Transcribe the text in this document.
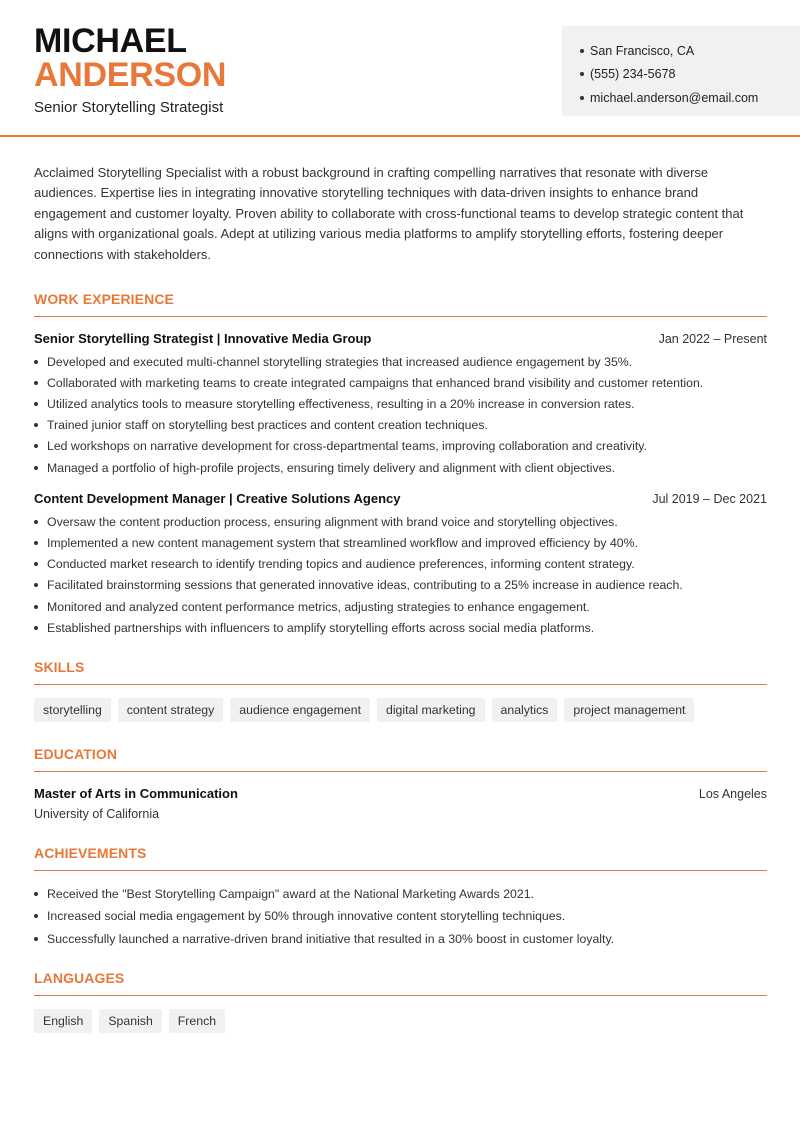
MICHAEL
ANDERSON
Senior Storytelling Strategist
San Francisco, CA
(555) 234-5678
michael.anderson@email.com

Acclaimed Storytelling Specialist with a robust background in crafting compelling narratives that resonate with diverse audiences. Expertise lies in integrating innovative storytelling techniques with data-driven insights to enhance brand engagement and customer loyalty. Proven ability to collaborate with cross-functional teams to develop strategic content that aligns with organizational goals. Adept at utilizing various media platforms to amplify storytelling efforts, fostering deeper connections with stakeholders.

WORK EXPERIENCE
Senior Storytelling Strategist | Innovative Media Group	Jan 2022 – Present
Developed and executed multi-channel storytelling strategies that increased audience engagement by 35%.
Collaborated with marketing teams to create integrated campaigns that enhanced brand visibility and customer retention.
Utilized analytics tools to measure storytelling effectiveness, resulting in a 20% increase in conversion rates.
Trained junior staff on storytelling best practices and content creation techniques.
Led workshops on narrative development for cross-departmental teams, improving collaboration and creativity.
Managed a portfolio of high-profile projects, ensuring timely delivery and alignment with client objectives.
Content Development Manager | Creative Solutions Agency	Jul 2019 – Dec 2021
Oversaw the content production process, ensuring alignment with brand voice and storytelling objectives.
Implemented a new content management system that streamlined workflow and improved efficiency by 40%.
Conducted market research to identify trending topics and audience preferences, informing content strategy.
Facilitated brainstorming sessions that generated innovative ideas, contributing to a 25% increase in audience reach.
Monitored and analyzed content performance metrics, adjusting strategies to enhance engagement.
Established partnerships with influencers to amplify storytelling efforts across social media platforms.
SKILLS
storytelling	content strategy	audience engagement	digital marketing	analytics	project management
EDUCATION
Master of Arts in Communication	Los Angeles
University of California
ACHIEVEMENTS
Received the "Best Storytelling Campaign" award at the National Marketing Awards 2021.
Increased social media engagement by 50% through innovative content storytelling techniques.
Successfully launched a narrative-driven brand initiative that resulted in a 30% boost in customer loyalty.
LANGUAGES
English	Spanish	French
